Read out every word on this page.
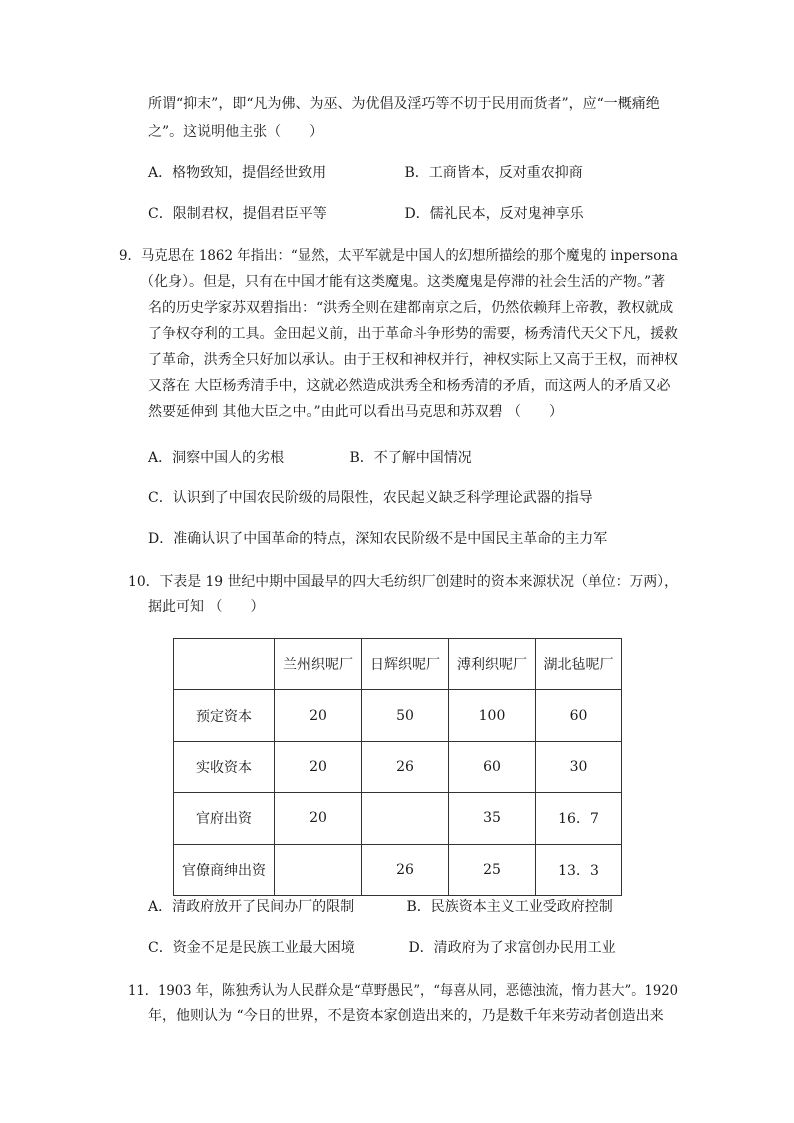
所谓“抑末”，即“凡为佛、为巫、为优倡及淫巧等不切于民用而货者”，应“一概痛绝
之”。这说明他主张（　　）
A．格物致知，提倡经世致用	B．工商皆本，反对重农抑商
C．限制君权，提倡君臣平等	D．儒礼民本，反对鬼神享乐
9．马克思在 1862 年指出：“显然，太平军就是中国人的幻想所描绘的那个魔鬼的 inpersona
（化身）。但是，只有在中国才能有这类魔鬼。这类魔鬼是停滞的社会生活的产物。”著
名的历史学家苏双碧指出：“洪秀全则在建都南京之后，仍然依赖拜上帝教，教权就成
了争权夺利的工具。金田起义前，出于革命斗争形势的需要，杨秀清代天父下凡，援救
了革命，洪秀全只好加以承认。由于王权和神权并行，神权实际上又高于王权，而神权
又落在 大臣杨秀清手中，这就必然造成洪秀全和杨秀清的矛盾，而这两人的矛盾又必
然要延伸到 其他大臣之中。”由此可以看出马克思和苏双碧 （　　）
A．洞察中国人的劣根	B．不了解中国情况
C．认识到了中国农民阶级的局限性，农民起义缺乏科学理论武器的指导
D．准确认识了中国革命的特点，深知农民阶级不是中国民主革命的主力军
10．下表是 19 世纪中期中国最早的四大毛纺织厂创建时的资本来源状况（单位：万两），
据此可知 （　　）
	兰州织呢厂	日辉织呢厂	溥利织呢厂	湖北毡呢厂
预定资本	20	50	100	60
实收资本	20	26	60	30
官府出资	20		35	16．7
官僚商绅出资		26	25	13．3
A．清政府放开了民间办厂的限制	B．民族资本主义工业受政府控制
C．资金不足是民族工业最大困境	D．清政府为了求富创办民用工业
11．1903 年，陈独秀认为人民群众是“草野愚民”，“每喜从同，恶德浊流，惰力甚大”。1920
年，他则认为 “今日的世界，不是资本家创造出来的，乃是数千年来劳动者创造出来
